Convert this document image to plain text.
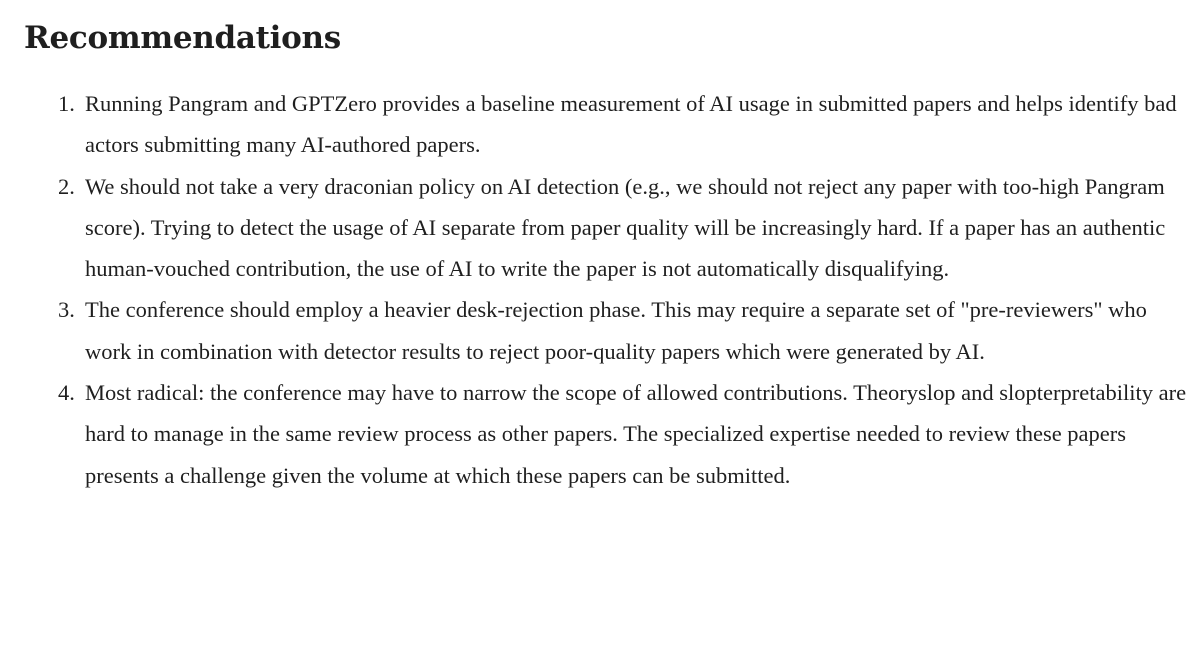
Recommendations
1. Running Pangram and GPTZero provides a baseline measurement of AI usage in submitted papers and helps identify bad actors submitting many AI-authored papers.
2. We should not take a very draconian policy on AI detection (e.g., we should not reject any paper with too-high Pangram score). Trying to detect the usage of AI separate from paper quality will be increasingly hard. If a paper has an authentic human-vouched contribution, the use of AI to write the paper is not automatically disqualifying.
3. The conference should employ a heavier desk-rejection phase. This may require a separate set of "pre-reviewers" who work in combination with detector results to reject poor-quality papers which were generated by AI.
4. Most radical: the conference may have to narrow the scope of allowed contributions. Theoryslop and slopterpretability are hard to manage in the same review process as other papers. The specialized expertise needed to review these papers presents a challenge given the volume at which these papers can be submitted.
